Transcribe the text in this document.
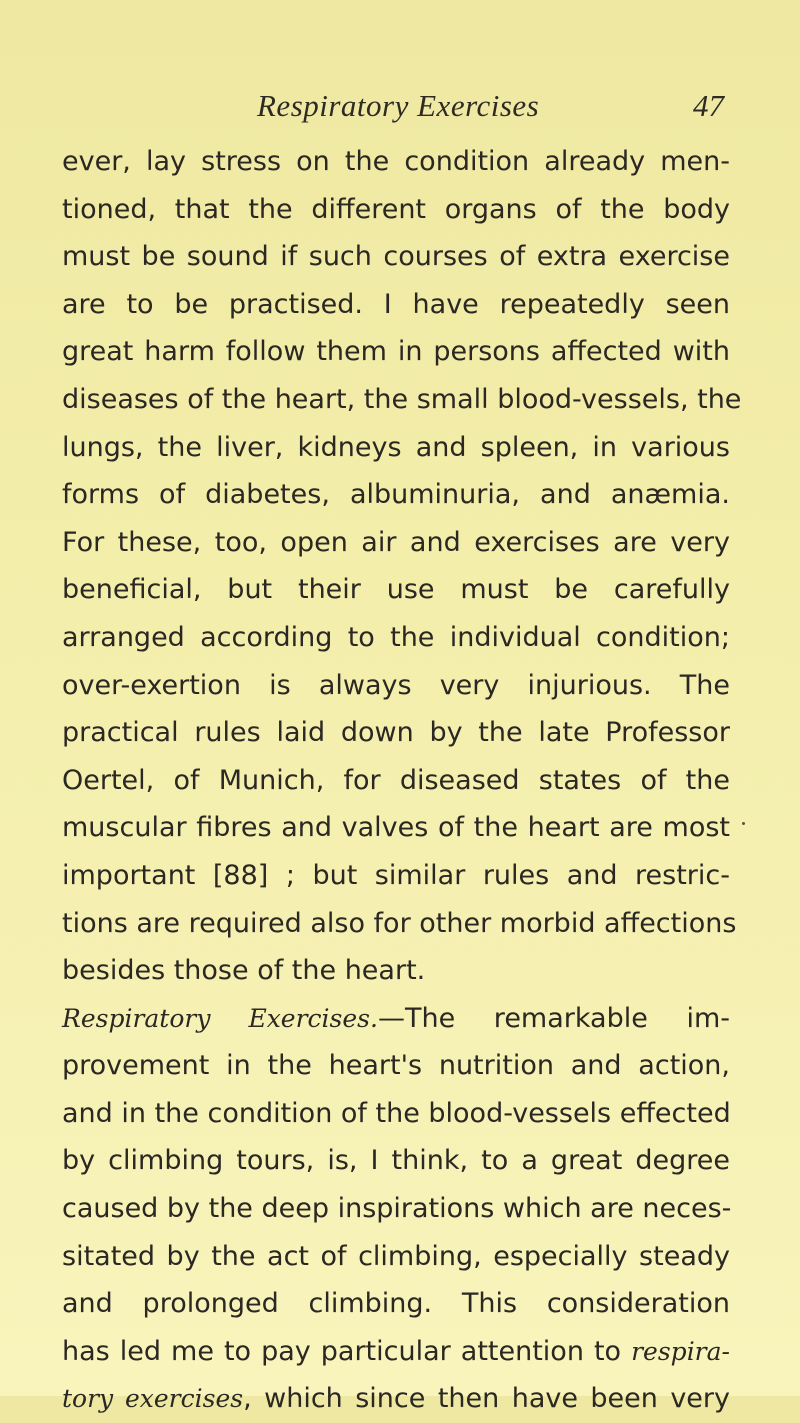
Respiratory Exercises	47
ever, lay stress on the condition already men-
tioned, that the different organs of the body
must be sound if such courses of extra exercise
are to be practised. I have repeatedly seen
great harm follow them in persons affected with
diseases of the heart, the small blood-vessels, the
lungs, the liver, kidneys and spleen, in various
forms of diabetes, albuminuria, and anæmia.
For these, too, open air and exercises are very
beneficial, but their use must be carefully
arranged according to the individual condition;
over-exertion is always very injurious. The
practical rules laid down by the late Professor
Oertel, of Munich, for diseased states of the
muscular fibres and valves of the heart are most
important [88] ; but similar rules and restric-
tions are required also for other morbid affections
besides those of the heart.
Respiratory Exercises.—The remarkable im-
provement in the heart's nutrition and action,
and in the condition of the blood-vessels effected
by climbing tours, is, I think, to a great degree
caused by the deep inspirations which are neces-
sitated by the act of climbing, especially steady
and prolonged climbing. This consideration
has led me to pay particular attention to respira-
tory exercises, which since then have been very
